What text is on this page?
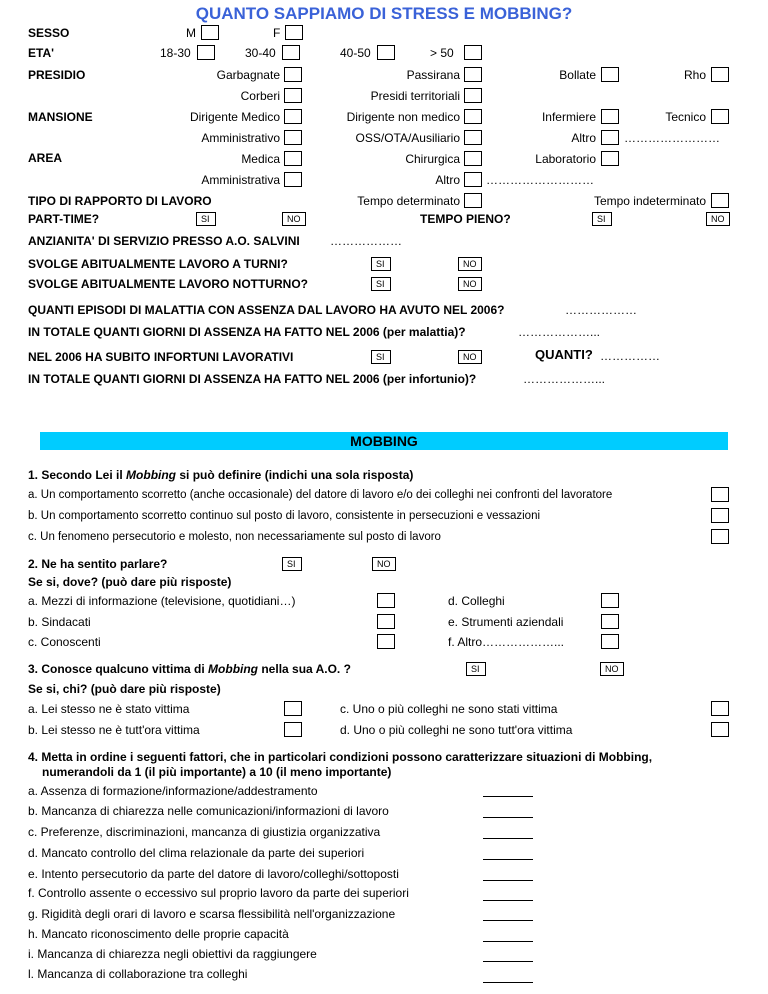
QUANTO SAPPIAMO DI STRESS E MOBBING?
SESSO	M	F
ETA'	18-30	30-40	40-50	> 50
PRESIDIO	Garbagnate	Passirana	Bollate	Rho
Corberi	Presidi territoriali
MANSIONE	Dirigente Medico	Dirigente non medico	Infermiere	Tecnico
Amministrativo	OSS/OTA/Ausiliario	Altro ……………………
AREA	Medica	Chirurgica	Laboratorio
Amministrativa	Altro ………………………
TIPO DI RAPPORTO DI LAVORO	Tempo determinato	Tempo indeterminato
PART-TIME?	SI	NO	TEMPO PIENO?	SI	NO
ANZIANITA' DI SERVIZIO PRESSO A.O. SALVINI	………………
SVOLGE ABITUALMENTE LAVORO A TURNI?	SI	NO
SVOLGE ABITUALMENTE LAVORO NOTTURNO?	SI	NO
QUANTI EPISODI DI MALATTIA CON ASSENZA DAL LAVORO HA AVUTO NEL 2006?	………………
IN TOTALE QUANTI GIORNI DI ASSENZA HA FATTO NEL 2006 (per malattia)?	………………...
NEL 2006 HA SUBITO INFORTUNI LAVORATIVI	SI	NO	QUANTI? ……………
IN TOTALE QUANTI GIORNI DI ASSENZA HA FATTO NEL 2006 (per infortunio)?	………………...
MOBBING
1. Secondo Lei il Mobbing si può definire (indichi una sola risposta)
a. Un comportamento scorretto (anche occasionale) del datore di lavoro e/o dei colleghi nei confronti del lavoratore
b. Un comportamento scorretto continuo sul posto di lavoro, consistente in persecuzioni e vessazioni
c. Un fenomeno persecutorio e molesto, non necessariamente sul posto di lavoro
2. Ne ha sentito parlare?	SI	NO
Se si, dove? (può dare più risposte)
a. Mezzi di informazione (televisione, quotidiani…)
b. Sindacati
c. Conoscenti
d. Colleghi
e. Strumenti aziendali
f. Altro………………...
3. Conosce qualcuno vittima di Mobbing nella sua A.O. ?	SI	NO
Se si, chi? (può dare più risposte)
a. Lei stesso ne è stato vittima
b. Lei stesso ne è tutt'ora vittima
c. Uno o più colleghi ne sono stati vittima
d. Uno o più colleghi ne sono tutt'ora vittima
4. Metta in ordine i seguenti fattori, che in particolari condizioni possono caratterizzare situazioni di Mobbing,
numerandoli da 1 (il più importante) a 10 (il meno importante)
a. Assenza di formazione/informazione/addestramento
b. Mancanza di chiarezza nelle comunicazioni/informazioni di lavoro
c. Preferenze, discriminazioni, mancanza di giustizia organizzativa
d. Mancato controllo del clima relazionale da parte dei superiori
e. Intento persecutorio da parte del datore di lavoro/colleghi/sottoposti
f. Controllo assente o eccessivo sul proprio lavoro da parte dei superiori
g. Rigidità degli orari di lavoro e scarsa flessibilità nell'organizzazione
h. Mancato riconoscimento delle proprie capacità
i. Mancanza di chiarezza negli obiettivi da raggiungere
l. Mancanza di collaborazione tra colleghi
